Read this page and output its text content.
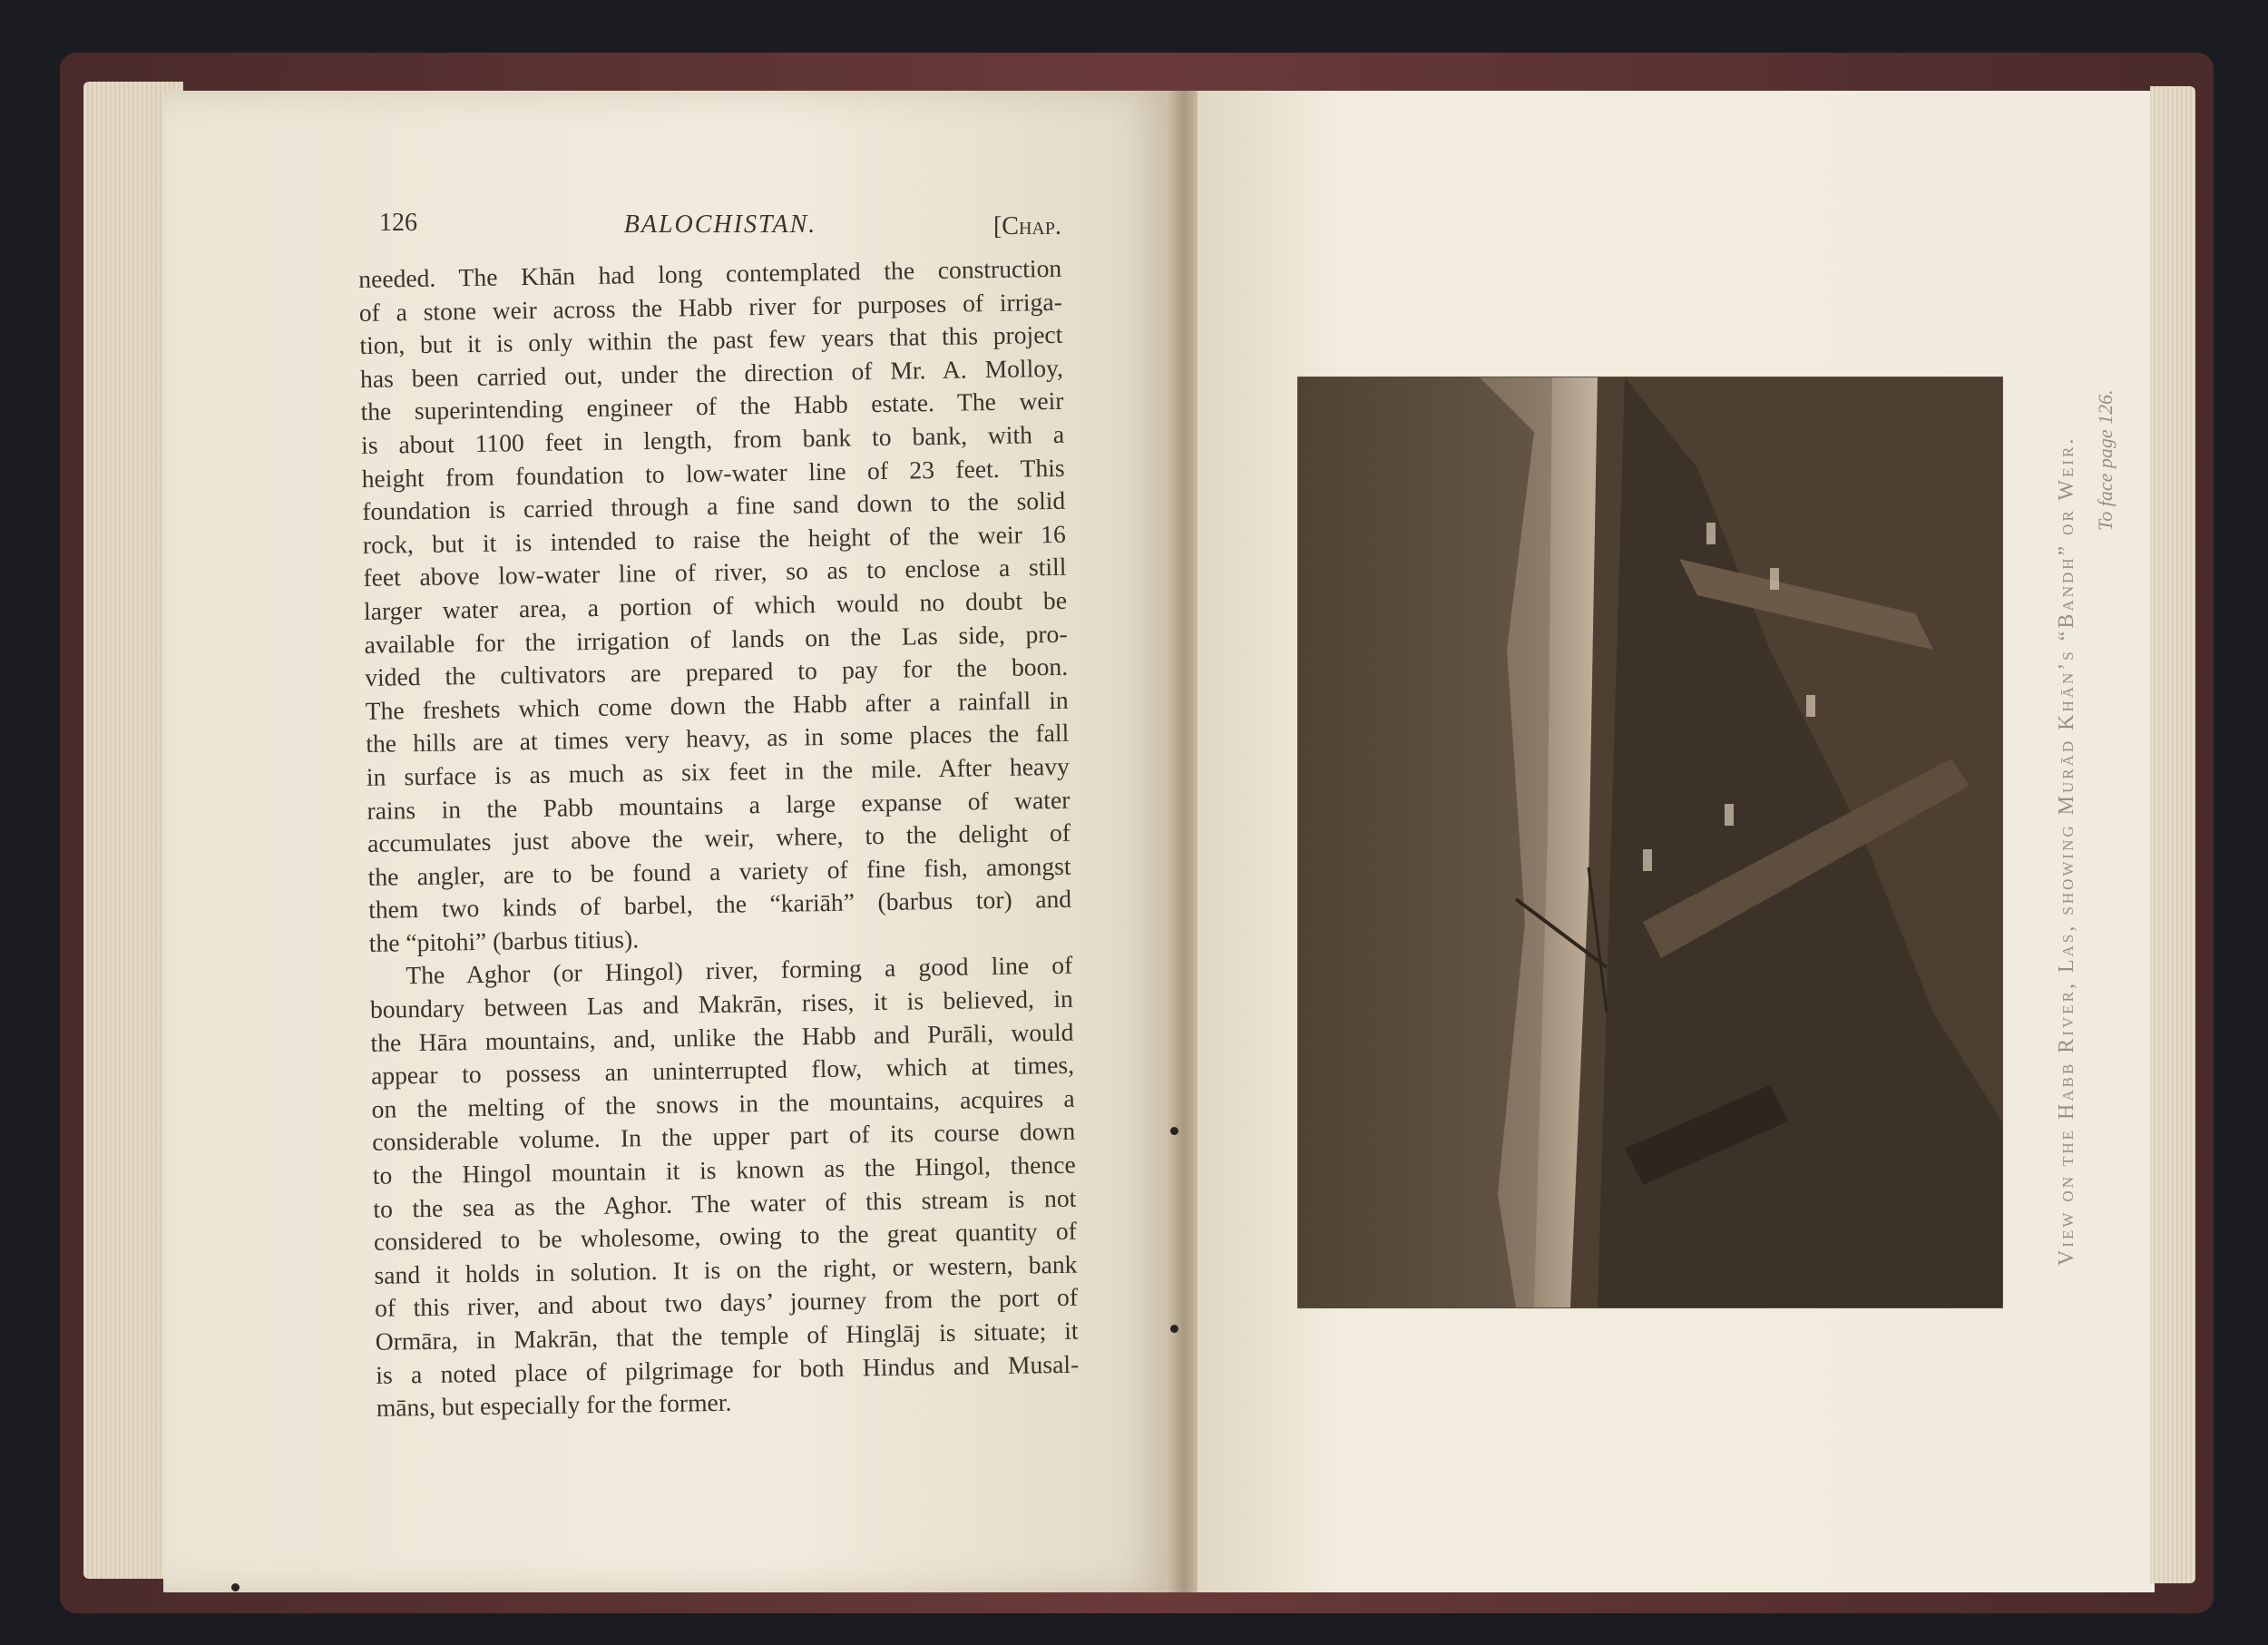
126	BALOCHISTAN.	[Chap.
needed. The Khān had long contemplated the construction
of a stone weir across the Habb river for purposes of irriga-
tion, but it is only within the past few years that this project
has been carried out, under the direction of Mr. A. Molloy,
the superintending engineer of the Habb estate. The weir
is about 1100 feet in length, from bank to bank, with a
height from foundation to low-water line of 23 feet. This
foundation is carried through a fine sand down to the solid
rock, but it is intended to raise the height of the weir 16
feet above low-water line of river, so as to enclose a still
larger water area, a portion of which would no doubt be
available for the irrigation of lands on the Las side, pro-
vided the cultivators are prepared to pay for the boon.
The freshets which come down the Habb after a rainfall in
the hills are at times very heavy, as in some places the fall
in surface is as much as six feet in the mile. After heavy
rains in the Pabb mountains a large expanse of water
accumulates just above the weir, where, to the delight of
the angler, are to be found a variety of fine fish, amongst
them two kinds of barbel, the “kariāh” (barbus tor) and
the “pitohi” (barbus titius).
The Aghor (or Hingol) river, forming a good line of
boundary between Las and Makrān, rises, it is believed, in
the Hāra mountains, and, unlike the Habb and Purāli, would
appear to possess an uninterrupted flow, which at times,
on the melting of the snows in the mountains, acquires a
considerable volume. In the upper part of its course down
to the Hingol mountain it is known as the Hingol, thence
to the sea as the Aghor. The water of this stream is not
considered to be wholesome, owing to the great quantity of
sand it holds in solution. It is on the right, or western, bank
of this river, and about two days’ journey from the port of
Ormāra, in Makrān, that the temple of Hinglāj is situate; it
is a noted place of pilgrimage for both Hindus and Musal-
māns, but especially for the former.
View on the Habb River, Las, showing Murād Khān’s “Bandh” or Weir. To face page 126.
